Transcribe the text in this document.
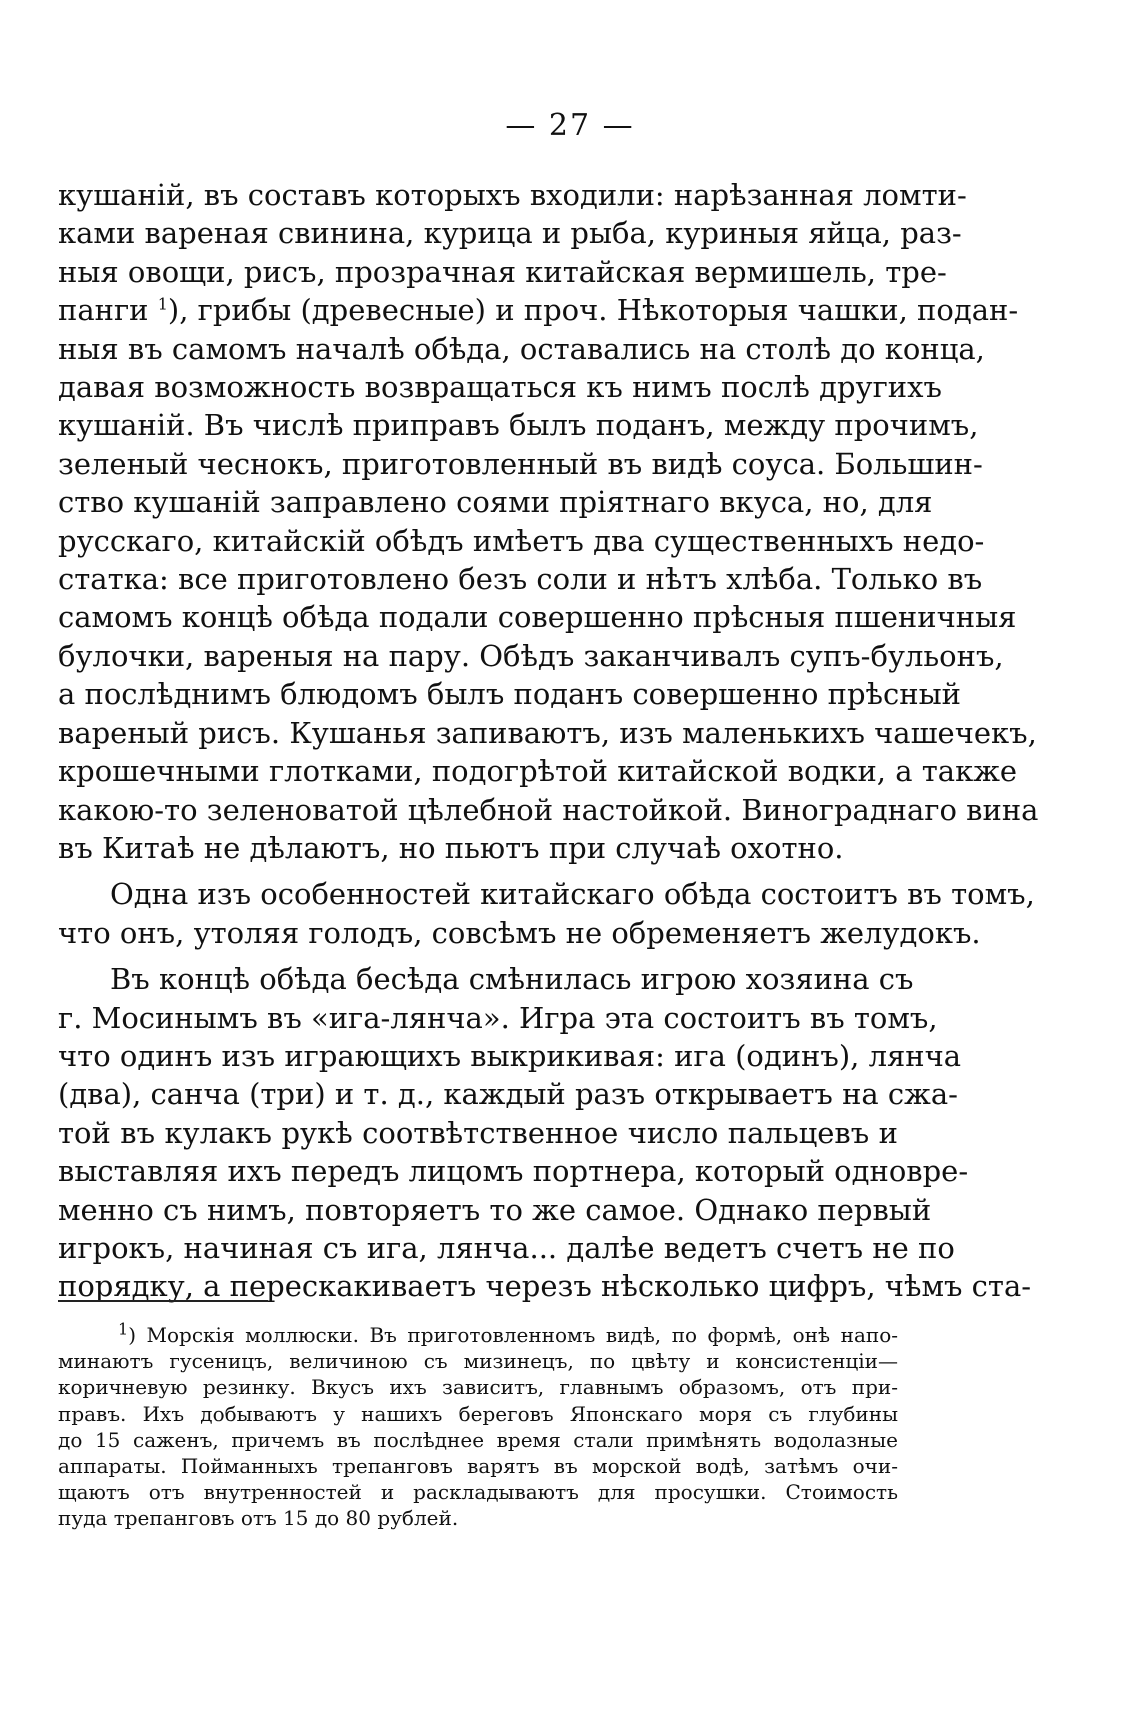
— 27 —
кушаній, въ составъ которыхъ входили: нарѣзанная ломти-
ками вареная свинина, курица и рыба, куриныя яйца, раз-
ныя овощи, рисъ, прозрачная китайская вермишель, тре-
панги $^1$), грибы (древесные) и проч. Нѣкоторыя чашки, подан-
ныя въ самомъ началѣ обѣда, оставались на столѣ до конца,
давая возможность возвращаться къ нимъ послѣ другихъ
кушаній. Въ числѣ приправъ былъ поданъ, между прочимъ,
зеленый чеснокъ, приготовленный въ видѣ соуса. Большин-
ство кушаній заправлено соями пріятнаго вкуса, но, для
русскаго, китайскій обѣдъ имѣетъ два существенныхъ недо-
статка: все приготовлено безъ соли и нѣтъ хлѣба. Только въ
самомъ концѣ обѣда подали совершенно прѣсныя пшеничныя
булочки, вареныя на пару. Обѣдъ заканчивалъ супъ-бульонъ,
а послѣднимъ блюдомъ былъ поданъ совершенно прѣсный
вареный рисъ. Кушанья запиваютъ, изъ маленькихъ чашечекъ,
крошечными глотками, подогрѣтой китайской водки, а также
какою-то зеленоватой цѣлебной настойкой. Винограднаго вина
въ Китаѣ не дѣлаютъ, но пьютъ при случаѣ охотно.
Одна изъ особенностей китайскаго обѣда состоитъ въ томъ,
что онъ, утоляя голодъ, совсѣмъ не обременяетъ желудокъ.
Въ концѣ обѣда бесѣда смѣнилась игрою хозяина съ
г. Мосинымъ въ «ига-лянча». Игра эта состоитъ въ томъ,
что одинъ изъ играющихъ выкрикивая: ига (одинъ), лянча
(два), санча (три) и т. д., каждый разъ открываетъ на сжа-
той въ кулакъ рукѣ соотвѣтственное число пальцевъ и
выставляя ихъ передъ лицомъ портнера, который одновре-
менно съ нимъ, повторяетъ то же самое. Однако первый
игрокъ, начиная съ ига, лянча... далѣе ведетъ счетъ не по
порядку, а перескакиваетъ черезъ нѣсколько цифръ, чѣмъ ста-
$^1$) Морскія моллюски. Въ приготовленномъ видѣ, по формѣ, онѣ напо-
минаютъ гусеницъ, величиною съ мизинецъ, по цвѣту и консистенціи—
коричневую резинку. Вкусъ ихъ зависитъ, главнымъ образомъ, отъ при-
правъ. Ихъ добываютъ у нашихъ береговъ Японскаго моря съ глубины
до 15 саженъ, причемъ въ послѣднее время стали примѣнять водолазные
аппараты. Пойманныхъ трепанговъ варятъ въ морской водѣ, затѣмъ очи-
щаютъ отъ внутренностей и раскладываютъ для просушки. Стоимость
пуда трепанговъ отъ 15 до 80 рублей.
